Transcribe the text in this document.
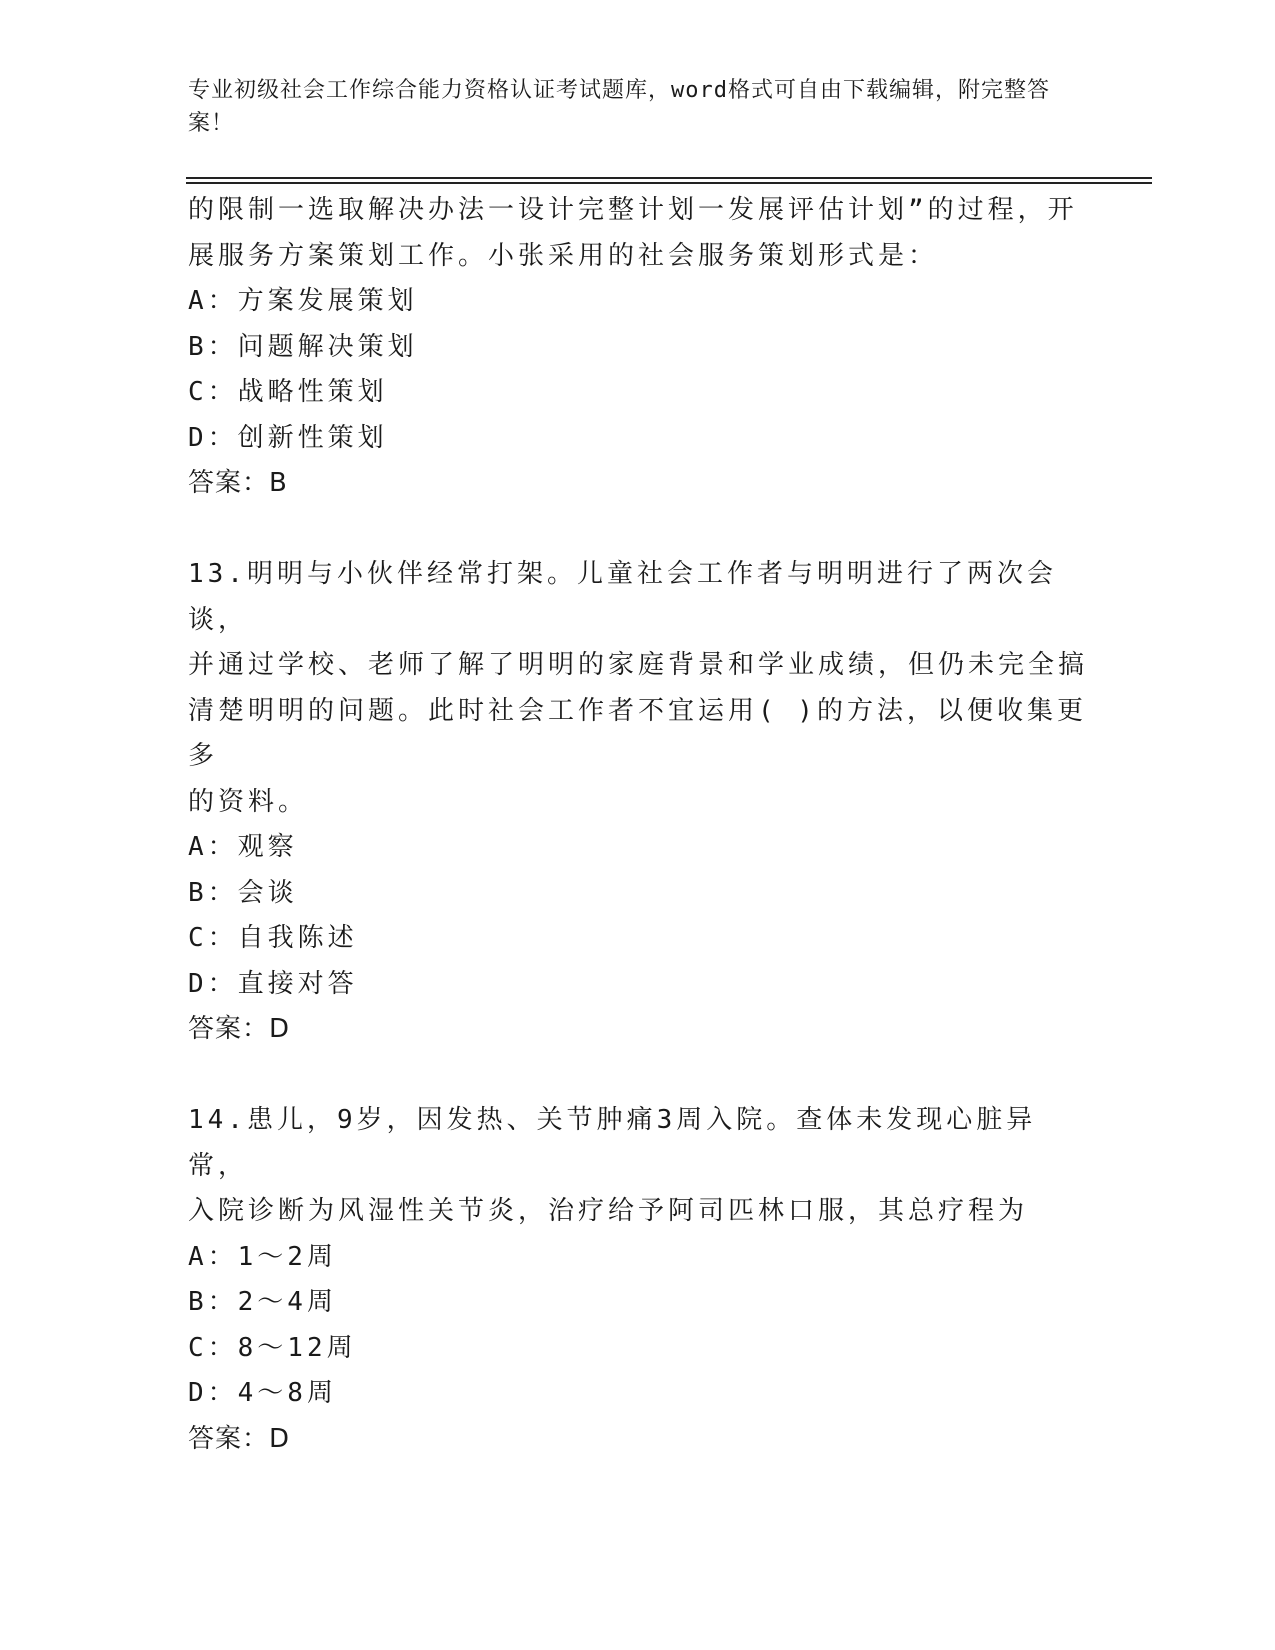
专业初级社会工作综合能力资格认证考试题库，word格式可自由下载编辑，附完整答案！

的限制一选取解决办法一设计完整计划一发展评估计划”的过程，开

展服务方案策划工作。小张采用的社会服务策划形式是：

A：方案发展策划

B：问题解决策划

C：战略性策划

D：创新性策划

答案：B

13.明明与小伙伴经常打架。儿童社会工作者与明明进行了两次会谈，

并通过学校、老师了解了明明的家庭背景和学业成绩，但仍未完全搞

清楚明明的问题。此时社会工作者不宜运用( )的方法，以便收集更多

的资料。

A：观察

B：会谈

C：自我陈述

D：直接对答

答案：D

14.患儿，9岁，因发热、关节肿痛3周入院。查体未发现心脏异常，

入院诊断为风湿性关节炎，治疗给予阿司匹林口服，其总疗程为

A：1～2周

B：2～4周

C：8～12周

D：4～8周

答案：D
